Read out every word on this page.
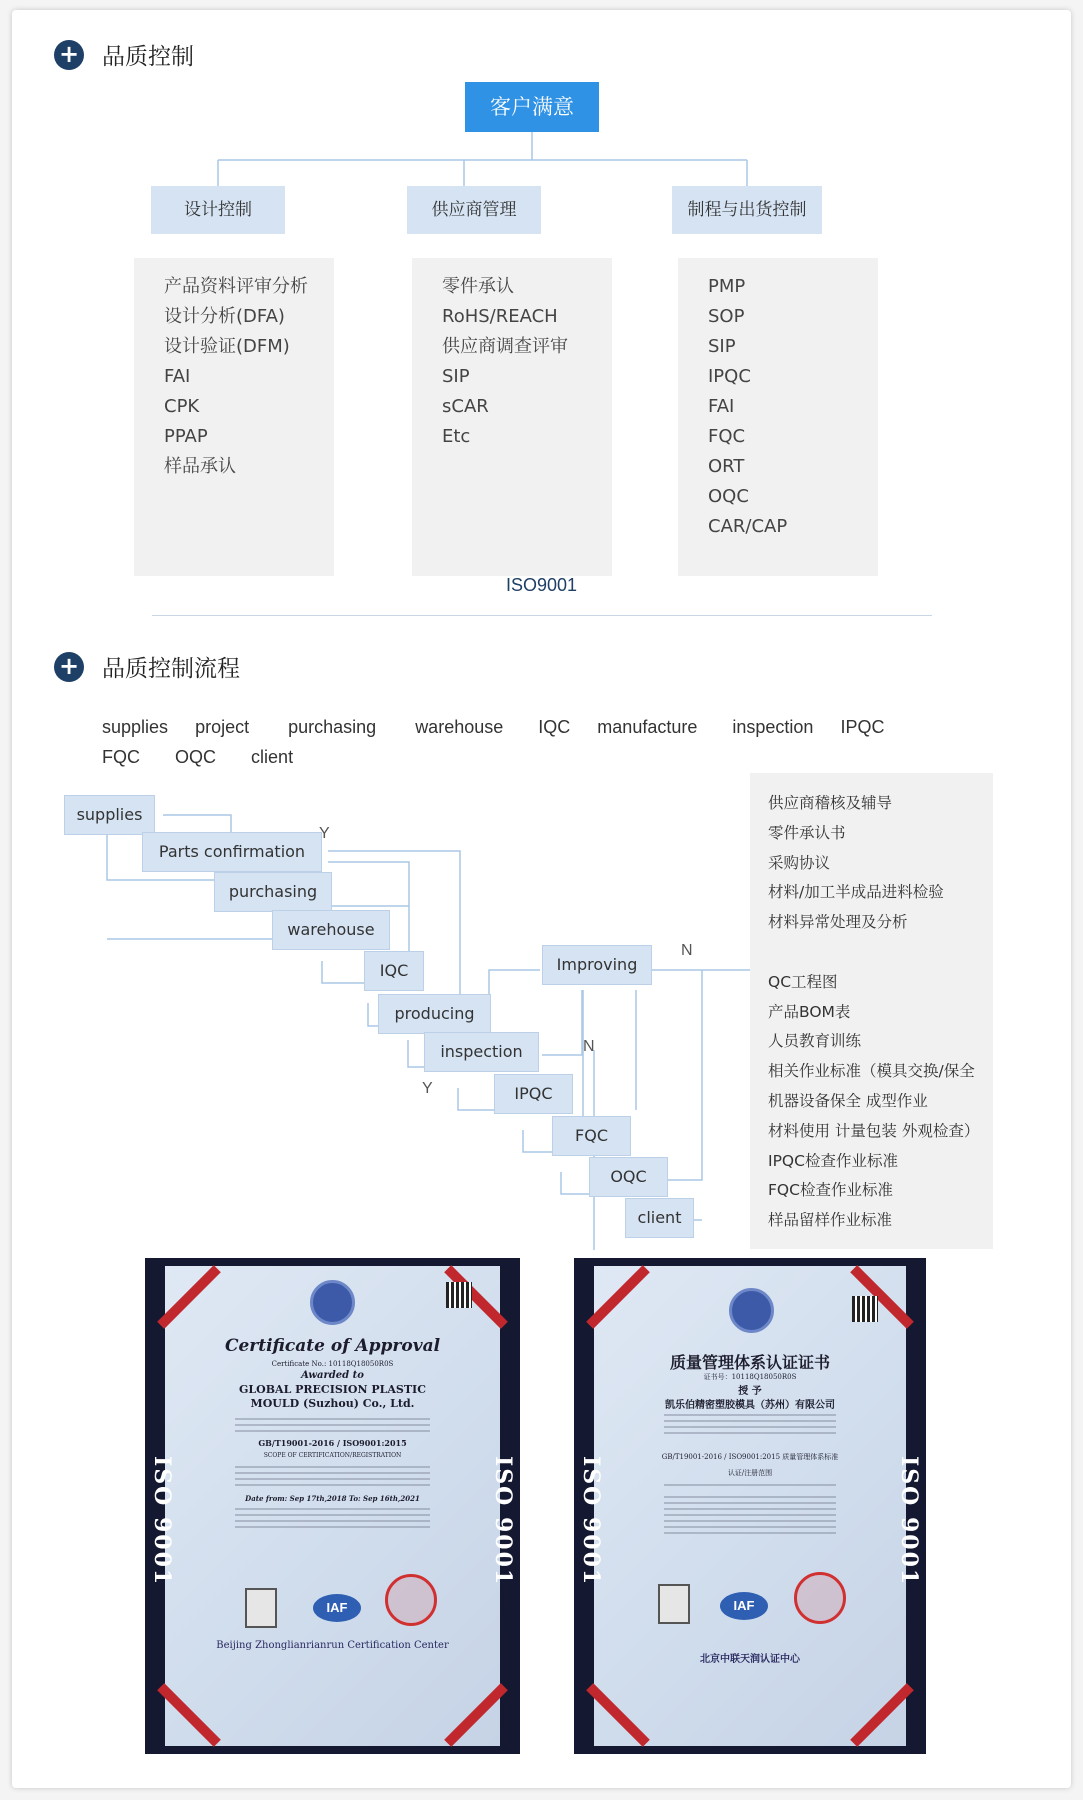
+ 品质控制
客户满意
设计控制	供应商管理	制程与出货控制
产品资料评审分析
设计分析(DFA)
设计验证(DFM)
FAI
CPK
PPAP
样品承认
零件承认
RoHS/REACH
供应商调查评审
SIP
sCAR
Etc
PMP
SOP
SIP
IPQC
FAI
FQC
ORT
OQC
CAR/CAP
ISO9001
+ 品质控制流程
supplies project purchasing warehouse IQC manufacture inspection IPQC FQC OQC client
supplies
Parts confirmation
purchasing
warehouse
IQC
producing
inspection
IPQC
FQC
OQC
client
Improving
Y
Y
N
N
供应商稽核及辅导
零件承认书
采购协议
材料/加工半成品进料检验
材料异常处理及分析
QC工程图
产品BOM表
人员教育训练
相关作业标准（模具交换/保全
机器设备保全 成型作业
材料使用 计量包装 外观检查）
IPQC检查作业标准
FQC检查作业标准
样品留样作业标准
Certificate of Approval
Certificate No.: 10118Q18050R0S
Awarded to
GLOBAL PRECISION PLASTIC MOULD (Suzhou) Co., Ltd.
GB/T19001-2016 / ISO9001:2015
SCOPE OF CERTIFICATION/REGISTRATION
Date from: Sep 17th,2018 To: Sep 16th,2021
IAF
Beijing Zhonglianrianrun Certification Center
ISO 9001	ISO 9001
质量管理体系认证证书
证书号：10118Q18050R0S
授 予
凯乐伯精密塑胶模具（苏州）有限公司
GB/T19001-2016 / ISO9001:2015 质量管理体系标准
认证/注册范围
IAF
北京中联天润认证中心
ISO 9001	ISO 9001
